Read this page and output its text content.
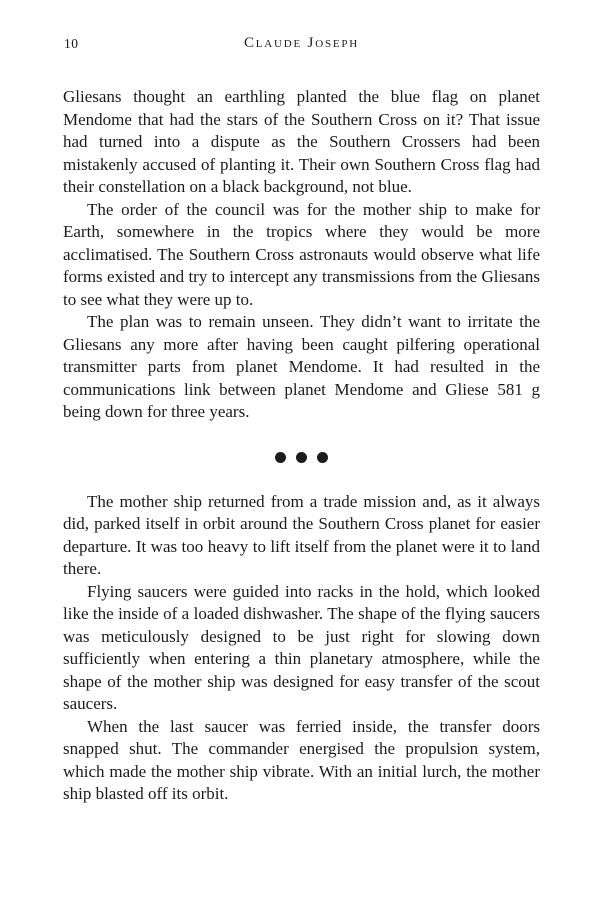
10	Claude Joseph

Gliesans thought an earthling planted the blue flag on planet Mendome that had the stars of the Southern Cross on it? That issue had turned into a dispute as the Southern Crossers had been mistakenly accused of planting it. Their own Southern Cross flag had their constellation on a black background, not blue.

The order of the council was for the mother ship to make for Earth, somewhere in the tropics where they would be more acclimatised. The Southern Cross astronauts would observe what life forms existed and try to intercept any transmissions from the Gliesans to see what they were up to.

The plan was to remain unseen. They didn’t want to irritate the Gliesans any more after having been caught pilfering operational transmitter parts from planet Mendome. It had resulted in the communications link between planet Mendome and Gliese 581 g being down for three years.

The mother ship returned from a trade mission and, as it always did, parked itself in orbit around the Southern Cross planet for easier departure. It was too heavy to lift itself from the planet were it to land there.

Flying saucers were guided into racks in the hold, which looked like the inside of a loaded dishwasher. The shape of the flying saucers was meticulously designed to be just right for slowing down sufficiently when entering a thin planetary atmosphere, while the shape of the mother ship was designed for easy transfer of the scout saucers.

When the last saucer was ferried inside, the transfer doors snapped shut. The commander energised the propulsion system, which made the mother ship vibrate. With an initial lurch, the mother ship blasted off its orbit.
